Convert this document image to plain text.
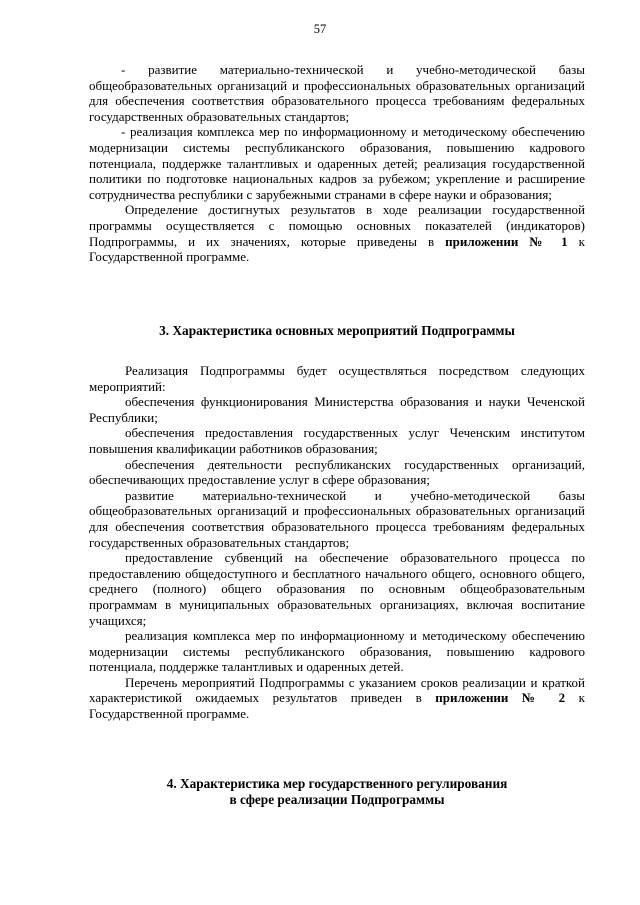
57

- развитие материально-технической и учебно-методической базы общеобразовательных организаций и профессиональных образовательных организаций для обеспечения соответствия образовательного процесса требованиям федеральных государственных образовательных стандартов;

- реализация комплекса мер по информационному и методическому обеспечению модернизации системы республиканского образования, повышению кадрового потенциала, поддержке талантливых и одаренных детей; реализация государственной политики по подготовке национальных кадров за рубежом; укрепление и расширение сотрудничества республики с зарубежными странами в сфере науки и образования;

Определение достигнутых результатов в ходе реализации государственной программы осуществляется с помощью основных показателей (индикаторов) Подпрограммы, и их значениях, которые приведены в приложении № 1 к Государственной программе.

3. Характеристика основных мероприятий Подпрограммы

Реализация Подпрограммы будет осуществляться посредством следующих мероприятий:

обеспечения функционирования Министерства образования и науки Чеченской Республики;

обеспечения предоставления государственных услуг Чеченским институтом повышения квалификации работников образования;

обеспечения деятельности республиканских государственных организаций, обеспечивающих предоставление услуг в сфере образования;

развитие материально-технической и учебно-методической базы общеобразовательных организаций и профессиональных образовательных организаций для обеспечения соответствия образовательного процесса требованиям федеральных государственных образовательных стандартов;

предоставление субвенций на обеспечение образовательного процесса по предоставлению общедоступного и бесплатного начального общего, основного общего, среднего (полного) общего образования по основным общеобразовательным программам в муниципальных образовательных организациях, включая воспитание учащихся;

реализация комплекса мер по информационному и методическому обеспечению модернизации системы республиканского образования, повышению кадрового потенциала, поддержке талантливых и одаренных детей.

Перечень мероприятий Подпрограммы с указанием сроков реализации и краткой характеристикой ожидаемых результатов приведен в приложении № 2 к Государственной программе.

4. Характеристика мер государственного регулирования

в сфере реализации Подпрограммы
